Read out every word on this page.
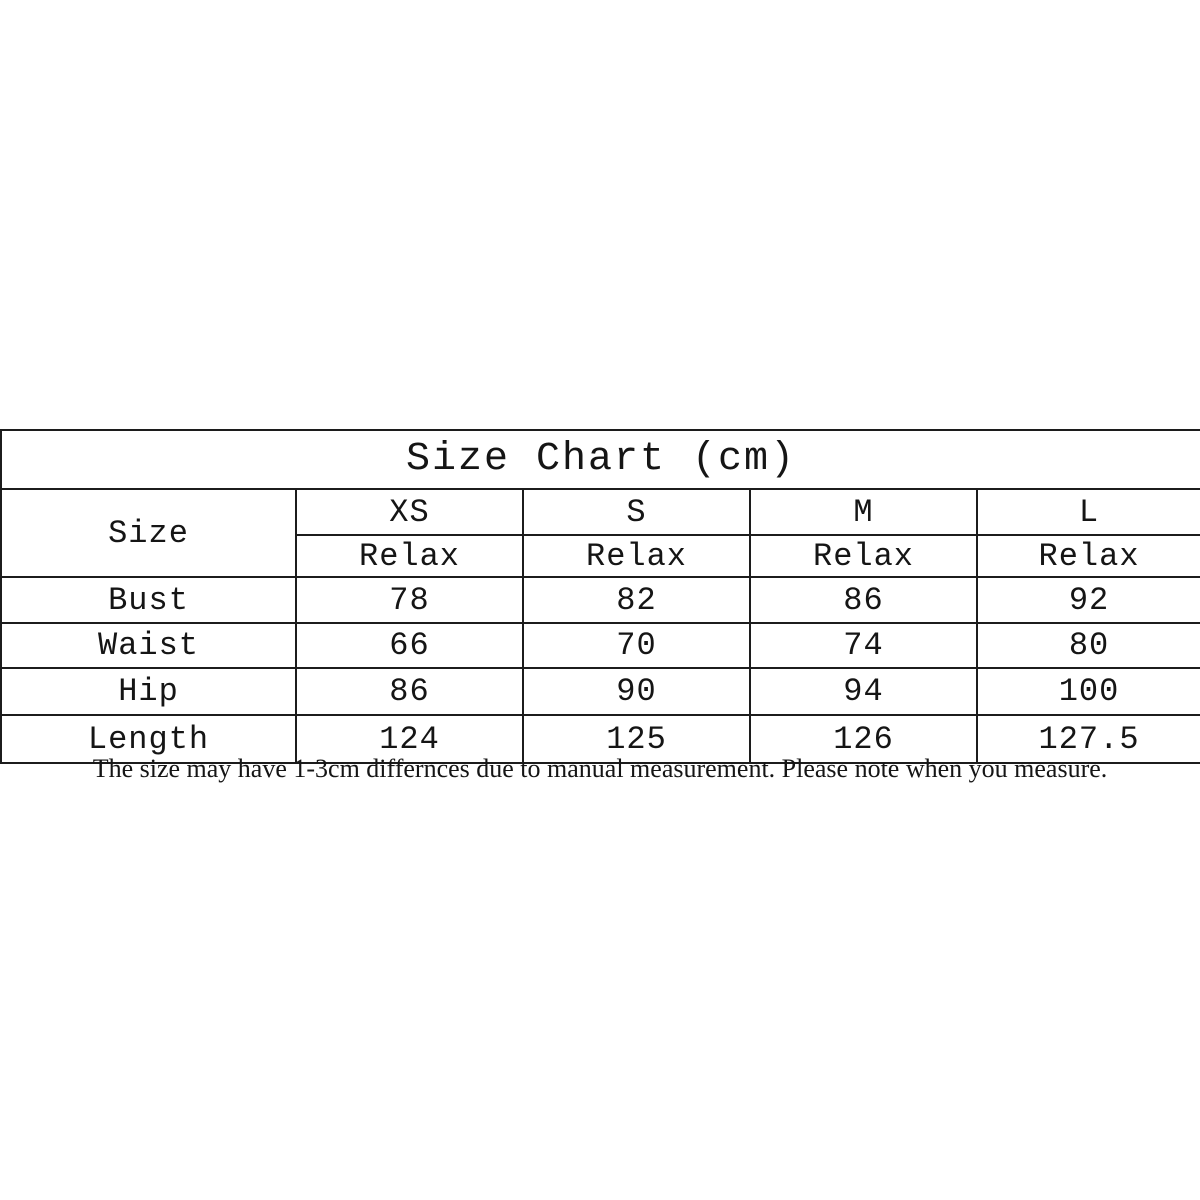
Size Chart (cm)				
Size	XS	S	M	L
	Relax	Relax	Relax	Relax
Bust	78	82	86	92
Waist	66	70	74	80
Hip	86	90	94	100
Length	124	125	126	127.5

The size may have 1-3cm differnces due to manual measurement. Please note when you measure.
